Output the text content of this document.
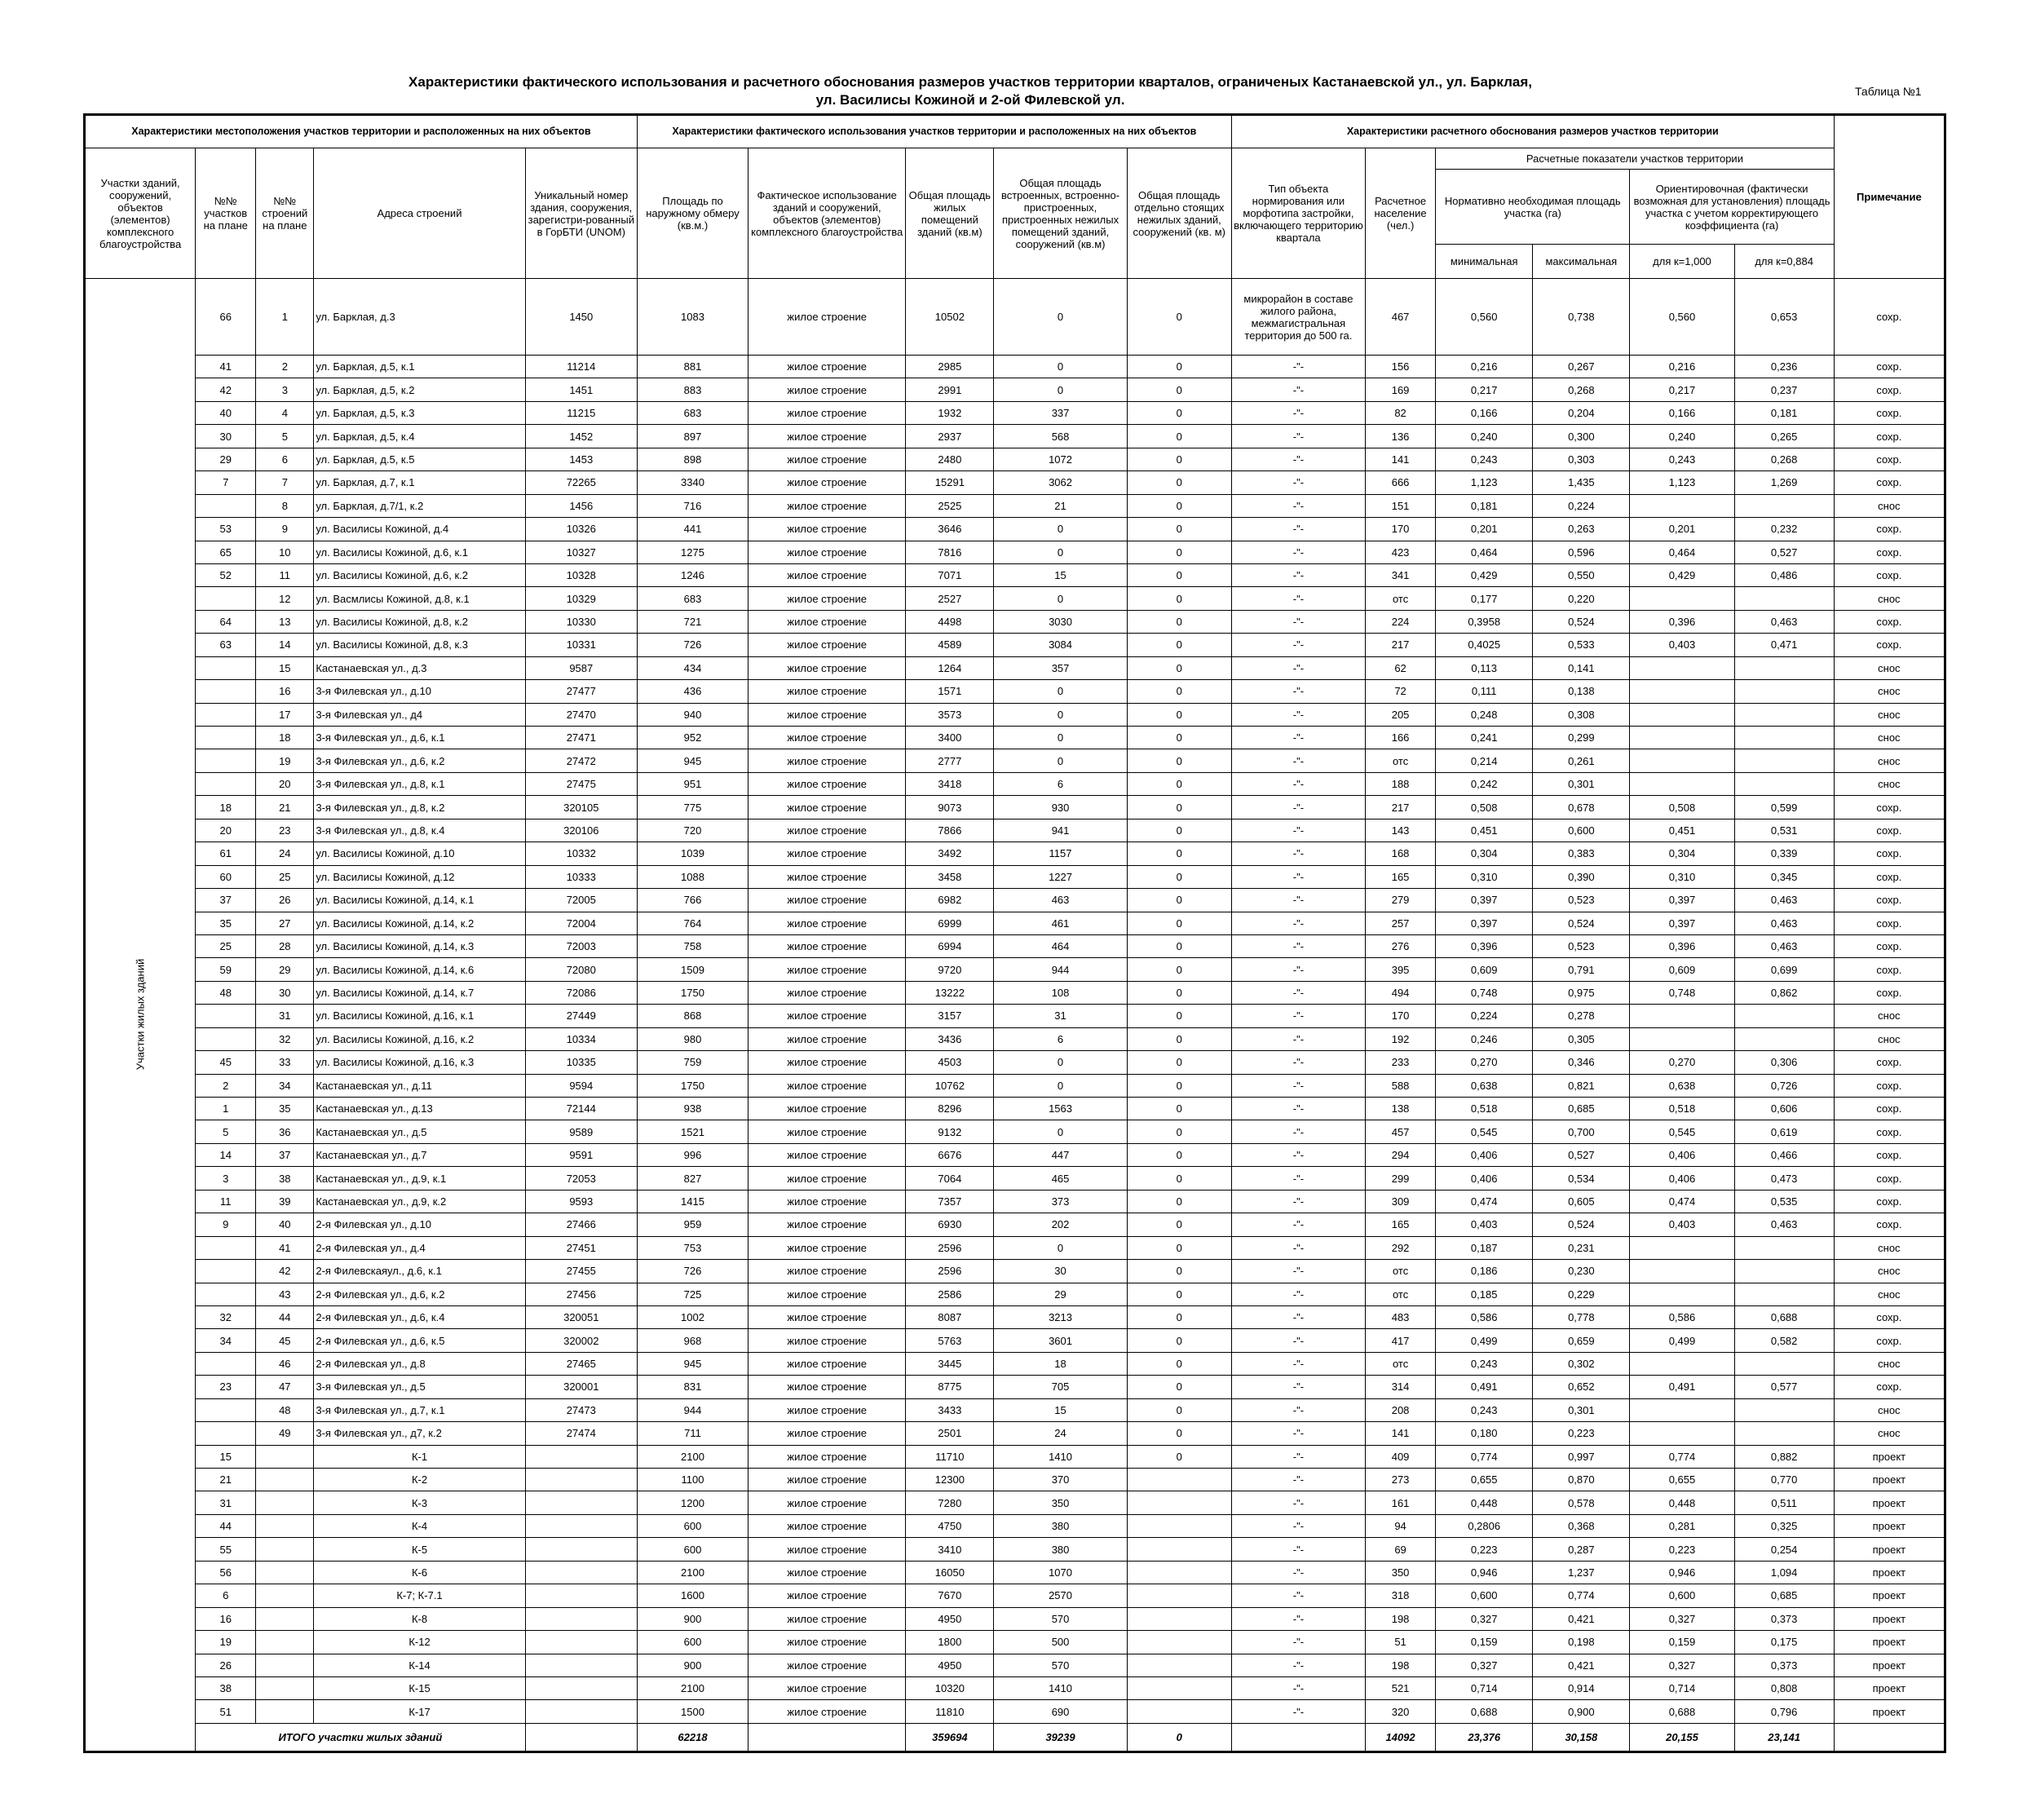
Характеристики фактического использования и расчетного обоснования размеров участков территории кварталов, ограниченых Кастанаевской ул., ул. Барклая,
ул. Василисы Кожиной и 2-ой Филевской ул.
Таблица №1
Характеристики местоположения участков территории и расположенных на них объектов					Характеристики фактического использования участков территории и расположенных на них объектов					Характеристики расчетного обоснования размеров участков территории						Примечание
Участки зданий, сооружений, объектов (элементов) комплексного благоустройства	№№ участков на плане	№№ строений на плане	Адреса строений	Уникальный номер здания, сооружения, зарегистри-рованный в ГорБТИ (UNOM)	Площадь по наружному обмеру (кв.м.)	Фактическое использование зданий и сооружений, объектов (элементов) комплексного благоустройства	Общая площадь жилых помещений зданий (кв.м)	Общая площадь встроенных, встроенно-пристроенных, пристроенных нежилых помещений зданий, сооружений (кв.м)	Общая площадь отдельно стоящих нежилых зданий, сооружений (кв. м)	Тип объекта нормирования или морфотипа застройки, включающего территорию квартала	Расчетное население (чел.)	Расчетные показатели участков территории				
												Нормативно необходимая площадь участка (га)		Ориентировочная (фактически возможная для установления) площадь участка с учетом корректирующего коэффициента (га)		
												минимальная	максимальная	для к=1,000	для к=0,884	

Участки жилых зданий	66	1	ул. Барклая, д.3	1450	1083	жилое строение	10502	0	0	микрорайон в составе жилого района, межмагистральная территория до 500 га.	467	0,560	0,738	0,560	0,653	сохр.
	41	2	ул. Барклая, д.5, к.1	11214	881	жилое строение	2985	0	0	-"-	156	0,216	0,267	0,216	0,236	сохр.
	42	3	ул. Барклая, д.5, к.2	1451	883	жилое строение	2991	0	0	-"-	169	0,217	0,268	0,217	0,237	сохр.
	40	4	ул. Барклая, д.5, к.3	11215	683	жилое строение	1932	337	0	-"-	82	0,166	0,204	0,166	0,181	сохр.
	30	5	ул. Барклая, д.5, к.4	1452	897	жилое строение	2937	568	0	-"-	136	0,240	0,300	0,240	0,265	сохр.
	29	6	ул. Барклая, д.5, к.5	1453	898	жилое строение	2480	1072	0	-"-	141	0,243	0,303	0,243	0,268	сохр.
	7	7	ул. Барклая, д.7, к.1	72265	3340	жилое строение	15291	3062	0	-"-	666	1,123	1,435	1,123	1,269	сохр.
		8	ул. Барклая, д.7/1, к.2	1456	716	жилое строение	2525	21	0	-"-	151	0,181	0,224			снос
	53	9	ул. Василисы Кожиной, д.4	10326	441	жилое строение	3646	0	0	-"-	170	0,201	0,263	0,201	0,232	сохр.
	65	10	ул. Василисы Кожиной, д.6, к.1	10327	1275	жилое строение	7816	0	0	-"-	423	0,464	0,596	0,464	0,527	сохр.
	52	11	ул. Василисы Кожиной, д.6, к.2	10328	1246	жилое строение	7071	15	0	-"-	341	0,429	0,550	0,429	0,486	сохр.
		12	ул. Васмлисы Кожиной, д.8, к.1	10329	683	жилое строение	2527	0	0	-"-	отс	0,177	0,220			снос
	64	13	ул. Василисы Кожиной, д.8, к.2	10330	721	жилое строение	4498	3030	0	-"-	224	0,3958	0,524	0,396	0,463	сохр.
	63	14	ул. Василисы Кожиной, д.8, к.3	10331	726	жилое строение	4589	3084	0	-"-	217	0,4025	0,533	0,403	0,471	сохр.
		15	Кастанаевская ул., д.3	9587	434	жилое строение	1264	357	0	-"-	62	0,113	0,141			снос
		16	3-я Филевская ул., д.10	27477	436	жилое строение	1571	0	0	-"-	72	0,111	0,138			снос
		17	3-я Филевская ул., д4	27470	940	жилое строение	3573	0	0	-"-	205	0,248	0,308			снос
		18	3-я Филевская ул., д.6, к.1	27471	952	жилое строение	3400	0	0	-"-	166	0,241	0,299			снос
		19	3-я Филевская ул., д.6, к.2	27472	945	жилое строение	2777	0	0	-"-	отс	0,214	0,261			снос
		20	3-я Филевская ул., д.8, к.1	27475	951	жилое строение	3418	6	0	-"-	188	0,242	0,301			снос
	18	21	3-я Филевская ул., д.8, к.2	320105	775	жилое строение	9073	930	0	-"-	217	0,508	0,678	0,508	0,599	сохр.
	20	23	3-я Филевская ул., д.8, к.4	320106	720	жилое строение	7866	941	0	-"-	143	0,451	0,600	0,451	0,531	сохр.
	61	24	ул. Василисы Кожиной, д.10	10332	1039	жилое строение	3492	1157	0	-"-	168	0,304	0,383	0,304	0,339	сохр.
	60	25	ул. Василисы Кожиной, д.12	10333	1088	жилое строение	3458	1227	0	-"-	165	0,310	0,390	0,310	0,345	сохр.
	37	26	ул. Василисы Кожиной, д.14, к.1	72005	766	жилое строение	6982	463	0	-"-	279	0,397	0,523	0,397	0,463	сохр.
	35	27	ул. Василисы Кожиной, д.14, к.2	72004	764	жилое строение	6999	461	0	-"-	257	0,397	0,524	0,397	0,463	сохр.
	25	28	ул. Василисы Кожиной, д.14, к.3	72003	758	жилое строение	6994	464	0	-"-	276	0,396	0,523	0,396	0,463	сохр.
	59	29	ул. Василисы Кожиной, д.14, к.6	72080	1509	жилое строение	9720	944	0	-"-	395	0,609	0,791	0,609	0,699	сохр.
	48	30	ул. Василисы Кожиной, д.14, к.7	72086	1750	жилое строение	13222	108	0	-"-	494	0,748	0,975	0,748	0,862	сохр.
		31	ул. Василисы Кожиной, д.16, к.1	27449	868	жилое строение	3157	31	0	-"-	170	0,224	0,278			снос
		32	ул. Василисы Кожиной, д.16, к.2	10334	980	жилое строение	3436	6	0	-"-	192	0,246	0,305			снос
	45	33	ул. Василисы Кожиной, д.16, к.3	10335	759	жилое строение	4503	0	0	-"-	233	0,270	0,346	0,270	0,306	сохр.
	2	34	Кастанаевская ул., д.11	9594	1750	жилое строение	10762	0	0	-"-	588	0,638	0,821	0,638	0,726	сохр.
	1	35	Кастанаевская ул., д.13	72144	938	жилое строение	8296	1563	0	-"-	138	0,518	0,685	0,518	0,606	сохр.
	5	36	Кастанаевская ул., д.5	9589	1521	жилое строение	9132	0	0	-"-	457	0,545	0,700	0,545	0,619	сохр.
	14	37	Кастанаевская ул., д.7	9591	996	жилое строение	6676	447	0	-"-	294	0,406	0,527	0,406	0,466	сохр.
	3	38	Кастанаевская ул., д.9, к.1	72053	827	жилое строение	7064	465	0	-"-	299	0,406	0,534	0,406	0,473	сохр.
	11	39	Кастанаевская ул., д.9, к.2	9593	1415	жилое строение	7357	373	0	-"-	309	0,474	0,605	0,474	0,535	сохр.
	9	40	2-я Филевская ул., д.10	27466	959	жилое строение	6930	202	0	-"-	165	0,403	0,524	0,403	0,463	сохр.
		41	2-я Филевская ул., д.4	27451	753	жилое строение	2596	0	0	-"-	292	0,187	0,231			снос
		42	2-я Филевскаяул., д.6, к.1	27455	726	жилое строение	2596	30	0	-"-	отс	0,186	0,230			снос
		43	2-я Филевская ул., д.6, к.2	27456	725	жилое строение	2586	29	0	-"-	отс	0,185	0,229			снос
	32	44	2-я Филевская ул., д.6, к.4	320051	1002	жилое строение	8087	3213	0	-"-	483	0,586	0,778	0,586	0,688	сохр.
	34	45	2-я Филевская ул., д.6, к.5	320002	968	жилое строение	5763	3601	0	-"-	417	0,499	0,659	0,499	0,582	сохр.
		46	2-я Филевская ул., д.8	27465	945	жилое строение	3445	18	0	-"-	отс	0,243	0,302			снос
	23	47	3-я Филевская ул., д.5	320001	831	жилое строение	8775	705	0	-"-	314	0,491	0,652	0,491	0,577	сохр.
		48	3-я Филевская ул., д.7, к.1	27473	944	жилое строение	3433	15	0	-"-	208	0,243	0,301			снос
		49	3-я Филевская ул., д7, к.2	27474	711	жилое строение	2501	24	0	-"-	141	0,180	0,223			снос
	15		К-1		2100	жилое строение	11710	1410	0	-"-	409	0,774	0,997	0,774	0,882	проект
	21		К-2		1100	жилое строение	12300	370		-"-	273	0,655	0,870	0,655	0,770	проект
	31		К-3		1200	жилое строение	7280	350		-"-	161	0,448	0,578	0,448	0,511	проект
	44		К-4		600	жилое строение	4750	380		-"-	94	0,2806	0,368	0,281	0,325	проект
	55		К-5		600	жилое строение	3410	380		-"-	69	0,223	0,287	0,223	0,254	проект
	56		К-6		2100	жилое строение	16050	1070		-"-	350	0,946	1,237	0,946	1,094	проект
	6		К-7; К-7.1		1600	жилое строение	7670	2570		-"-	318	0,600	0,774	0,600	0,685	проект
	16		К-8		900	жилое строение	4950	570		-"-	198	0,327	0,421	0,327	0,373	проект
	19		К-12		600	жилое строение	1800	500		-"-	51	0,159	0,198	0,159	0,175	проект
	26		К-14		900	жилое строение	4950	570		-"-	198	0,327	0,421	0,327	0,373	проект
	38		К-15		2100	жилое строение	10320	1410		-"-	521	0,714	0,914	0,714	0,808	проект
	51		К-17		1500	жилое строение	11810	690		-"-	320	0,688	0,900	0,688	0,796	проект
	ИТОГО участки жилых зданий				62218		359694	39239	0		14092	23,376	30,158	20,155	23,141	
